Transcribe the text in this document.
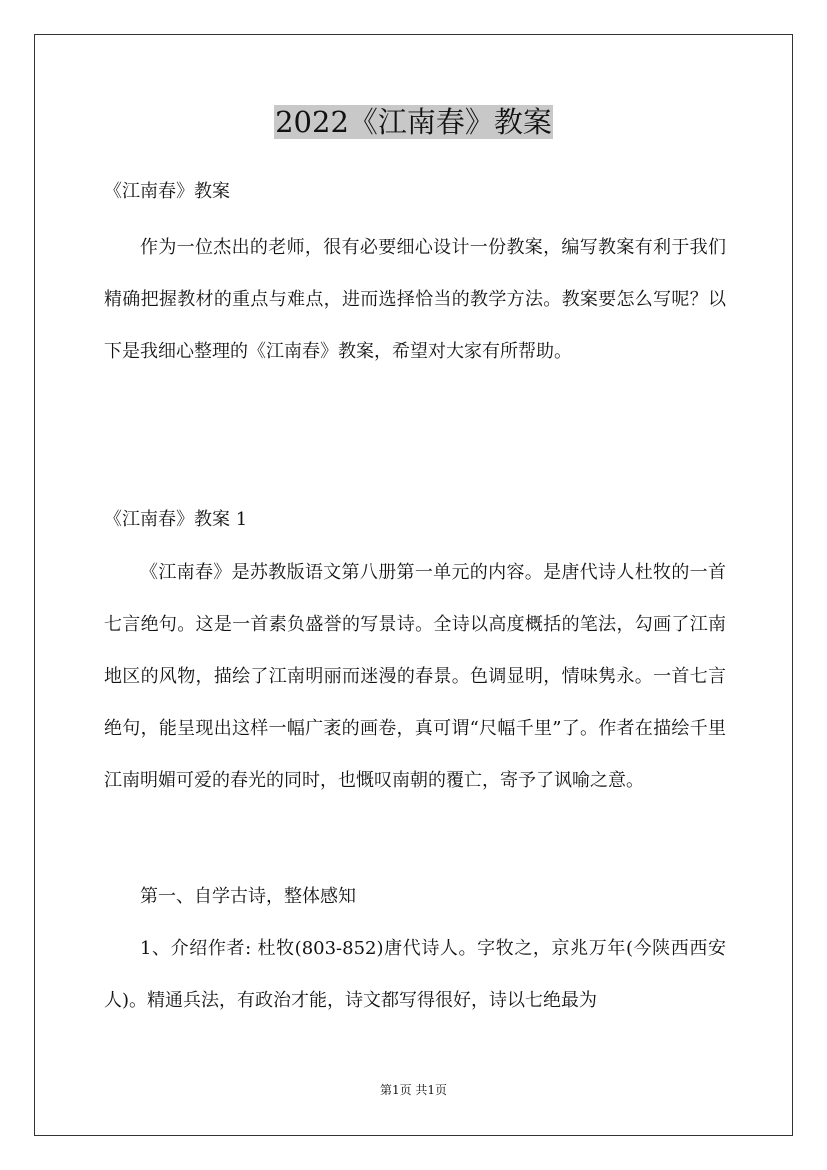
2022《江南春》教案
《江南春》教案

作为一位杰出的老师，很有必要细心设计一份教案，编写教案有利于我们精确把握教材的重点与难点，进而选择恰当的教学方法。教案要怎么写呢？以下是我细心整理的《江南春》教案，希望对大家有所帮助。

《江南春》教案 1

《江南春》是苏教版语文第八册第一单元的内容。是唐代诗人杜牧的一首七言绝句。这是一首素负盛誉的写景诗。全诗以高度概括的笔法，勾画了江南地区的风物，描绘了江南明丽而迷漫的春景。色调显明，情味隽永。一首七言绝句，能呈现出这样一幅广袤的画卷，真可谓“尺幅千里”了。作者在描绘千里江南明媚可爱的春光的同时，也慨叹南朝的覆亡，寄予了讽喻之意。

第一、自学古诗，整体感知

1、介绍作者: 杜牧(803-852)唐代诗人。字牧之，京兆万年(今陕西西安人)。精通兵法，有政治才能，诗文都写得很好，诗以七绝最为

第1页 共1页
